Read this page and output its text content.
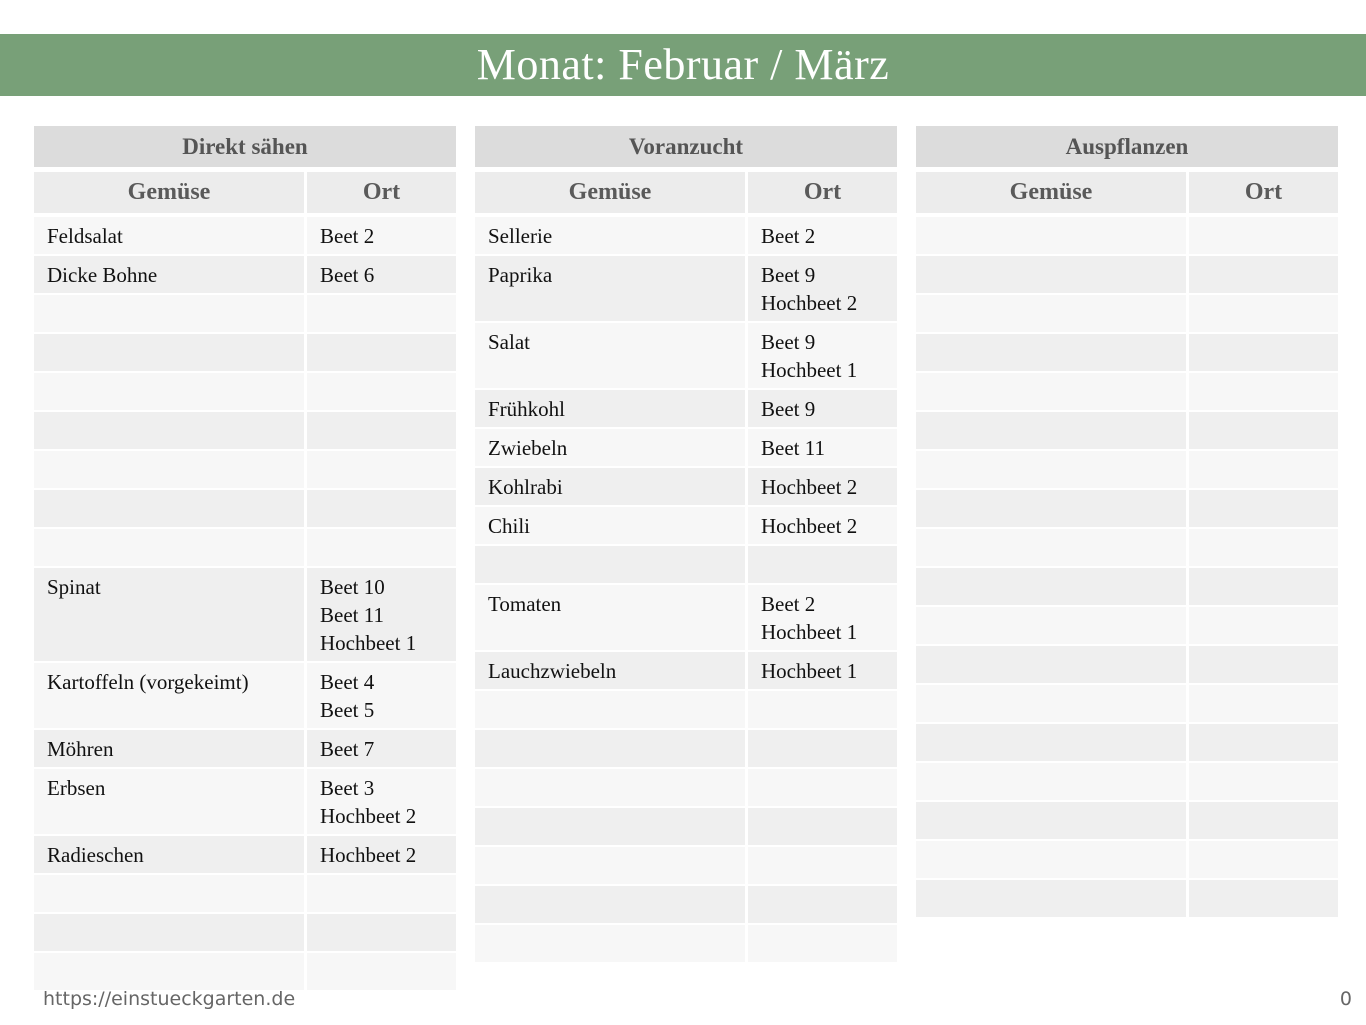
Monat: Februar / März
Direkt sähen
Gemüse	Ort
Feldsalat	Beet 2
Dicke Bohne	Beet 6
Spinat	Beet 10
Beet 11
Hochbeet 1
Kartoffeln (vorgekeimt)	Beet 4
Beet 5
Möhren	Beet 7
Erbsen	Beet 3
Hochbeet 2
Radieschen	Hochbeet 2
Voranzucht
Gemüse	Ort
Sellerie	Beet 2
Paprika	Beet 9
Hochbeet 2
Salat	Beet 9
Hochbeet 1
Frühkohl	Beet 9
Zwiebeln	Beet 11
Kohlrabi	Hochbeet 2
Chili	Hochbeet 2
Tomaten	Beet 2
Hochbeet 1
Lauchzwiebeln	Hochbeet 1
Auspflanzen
Gemüse	Ort
https://einstueckgarten.de	0
